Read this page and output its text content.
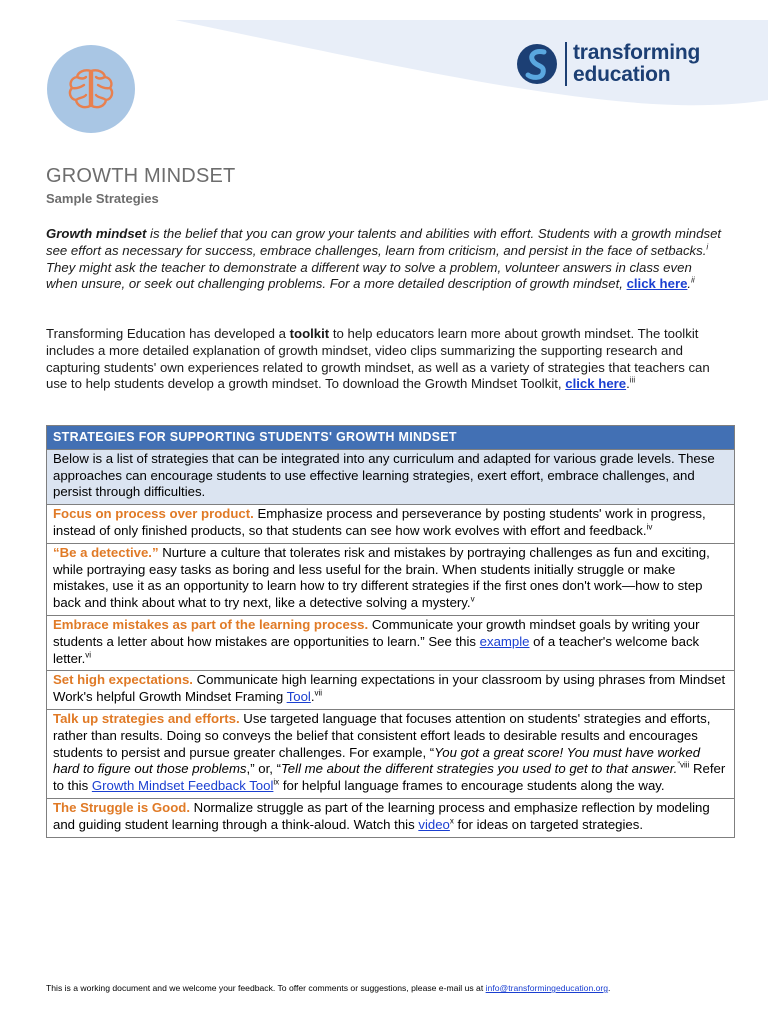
transforming
education
GROWTH MINDSET
Sample Strategies

Growth mindset is the belief that you can grow your talents and abilities with effort. Students with a growth mindset see effort as necessary for success, embrace challenges, learn from criticism, and persist in the face of setbacks.$^i$ They might ask the teacher to demonstrate a different way to solve a problem, volunteer answers in class even when unsure, or seek out challenging problems. For a more detailed description of growth mindset, click here.$^{ii}$

Transforming Education has developed a toolkit to help educators learn more about growth mindset. The toolkit includes a more detailed explanation of growth mindset, video clips summarizing the supporting research and capturing students' own experiences related to growth mindset, as well as a variety of strategies that teachers can use to help students develop a growth mindset. To download the Growth Mindset Toolkit, click here.$^{iii}$

STRATEGIES FOR SUPPORTING STUDENTS' GROWTH MINDSET
Below is a list of strategies that can be integrated into any curriculum and adapted for various grade levels. These approaches can encourage students to use effective learning strategies, exert effort, embrace challenges, and persist through difficulties.
Focus on process over product. Emphasize process and perseverance by posting students' work in progress, instead of only finished products, so that students can see how work evolves with effort and feedback.$^{iv}$
“Be a detective.” Nurture a culture that tolerates risk and mistakes by portraying challenges as fun and exciting, while portraying easy tasks as boring and less useful for the brain. When students initially struggle or make mistakes, use it as an opportunity to learn how to try different strategies if the first ones don't work—how to step back and think about what to try next, like a detective solving a mystery.$^v$
Embrace mistakes as part of the learning process. Communicate your growth mindset goals by writing your students a letter about how mistakes are opportunities to learn.” See this example of a teacher's welcome back letter.$^{vi}$
Set high expectations. Communicate high learning expectations in your classroom by using phrases from Mindset Work's helpful Growth Mindset Framing Tool.$^{vii}$
Talk up strategies and efforts. Use targeted language that focuses attention on students' strategies and efforts, rather than results. Doing so conveys the belief that consistent effort leads to desirable results and encourages students to persist and pursue greater challenges. For example, “You got a great score! You must have worked hard to figure out those problems,” or, “Tell me about the different strategies you used to get to that answer.$^{”viii}$ Refer to this Growth Mindset Feedback Tool$^{ix}$ for helpful language frames to encourage students along the way.
The Struggle is Good. Normalize struggle as part of the learning process and emphasize reflection by modeling and guiding student learning through a think-aloud. Watch this video$^x$ for ideas on targeted strategies.
This is a working document and we welcome your feedback. To offer comments or suggestions, please e-mail us at info@transformingeducation.org.
